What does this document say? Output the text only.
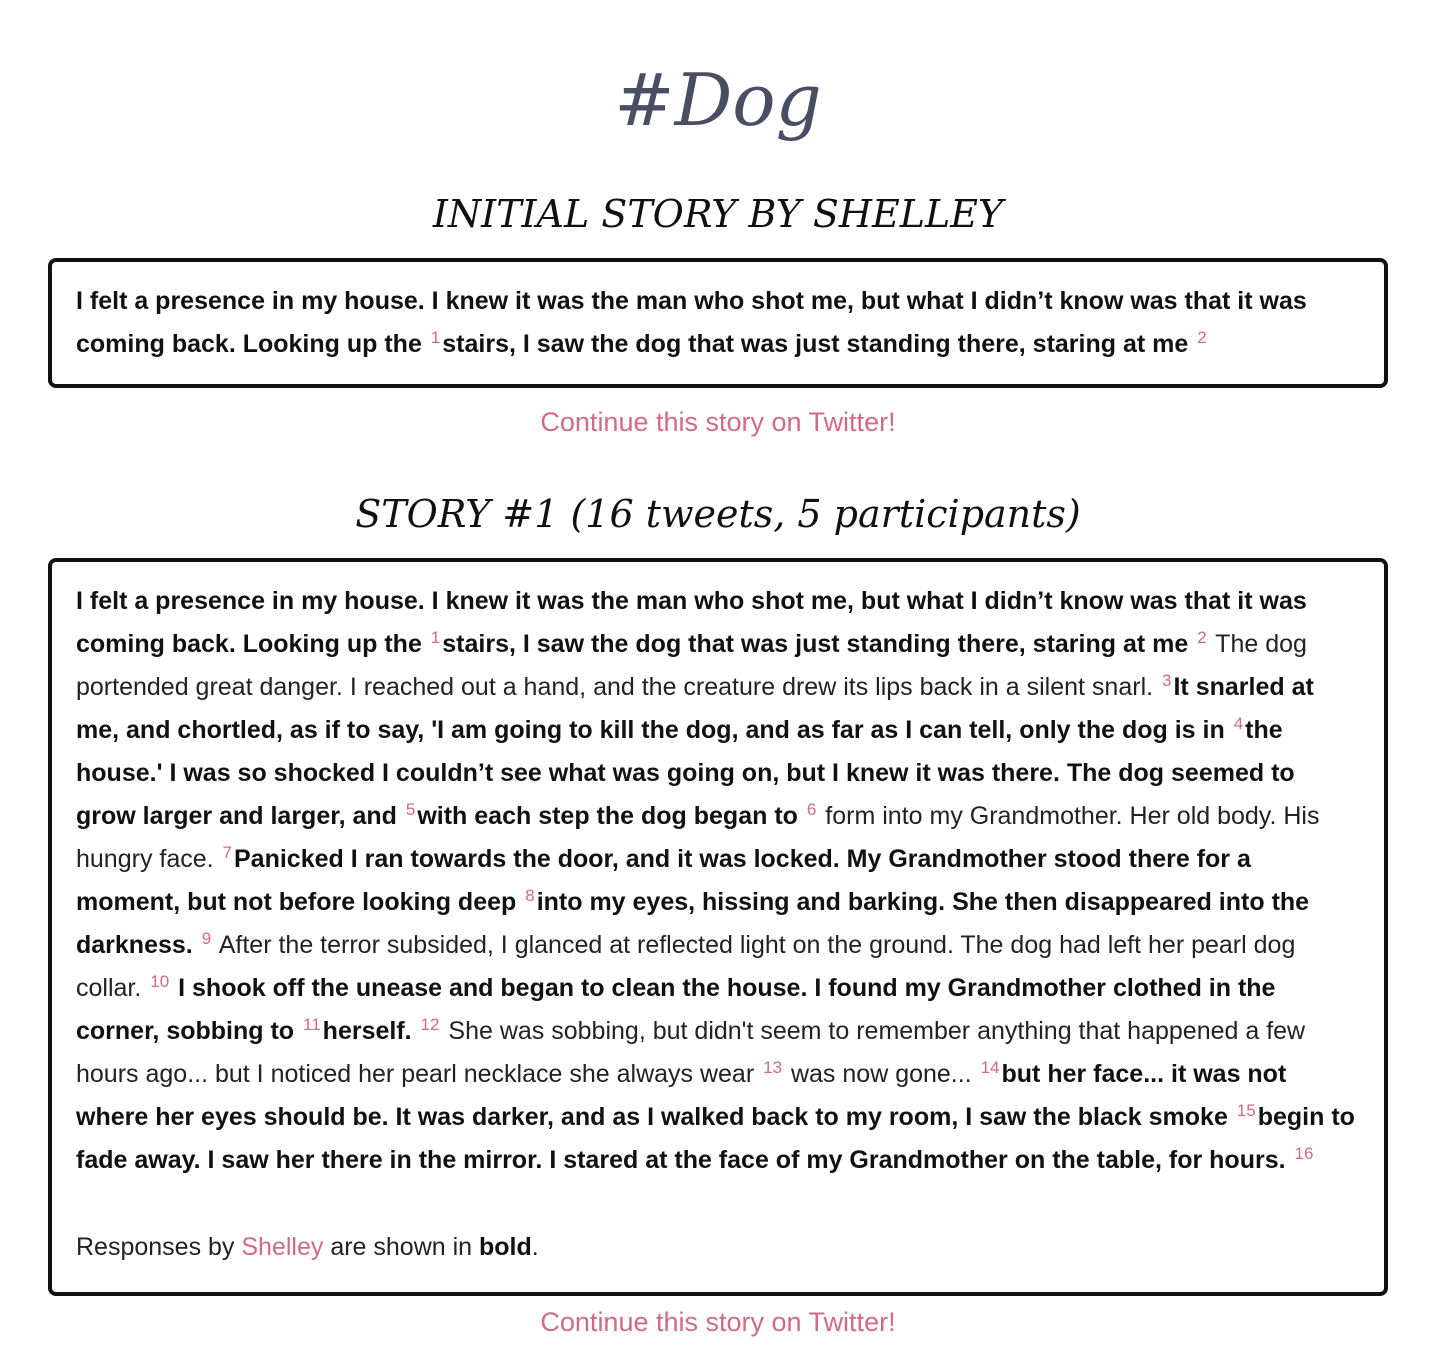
#Dog
INITIAL STORY BY SHELLEY

I felt a presence in my house. I knew it was the man who shot me, but what I didn’t know was that it was coming back. Looking up the $^1$stairs, I saw the dog that was just standing there, staring at me $^2$

Continue this story on Twitter!
STORY #1 (16 tweets, 5 participants)

I felt a presence in my house. I knew it was the man who shot me, but what I didn’t know was that it was coming back. Looking up the $^1$stairs, I saw the dog that was just standing there, staring at me $^2$ The dog portended great danger. I reached out a hand, and the creature drew its lips back in a silent snarl. $^3$It snarled at me, and chortled, as if to say, 'I am going to kill the dog, and as far as I can tell, only the dog is in $^4$the house.' I was so shocked I couldn’t see what was going on, but I knew it was there. The dog seemed to grow larger and larger, and $^5$with each step the dog began to $^6$ form into my Grandmother. Her old body. His hungry face. $^7$Panicked I ran towards the door, and it was locked. My Grandmother stood there for a moment, but not before looking deep $^8$into my eyes, hissing and barking. She then disappeared into the darkness. $^9$ After the terror subsided, I glanced at reflected light on the ground. The dog had left her pearl dog collar. $^{10}$ I shook off the unease and began to clean the house. I found my Grandmother clothed in the corner, sobbing to $^{11}$herself. $^{12}$ She was sobbing, but didn't seem to remember anything that happened a few hours ago... but I noticed her pearl necklace she always wear $^{13}$ was now gone... $^{14}$but her face... it was not where her eyes should be. It was darker, and as I walked back to my room, I saw the black smoke $^{15}$begin to fade away. I saw her there in the mirror. I stared at the face of my Grandmother on the table, for hours. $^{16}$

Responses by Shelley are shown in bold.

Continue this story on Twitter!
